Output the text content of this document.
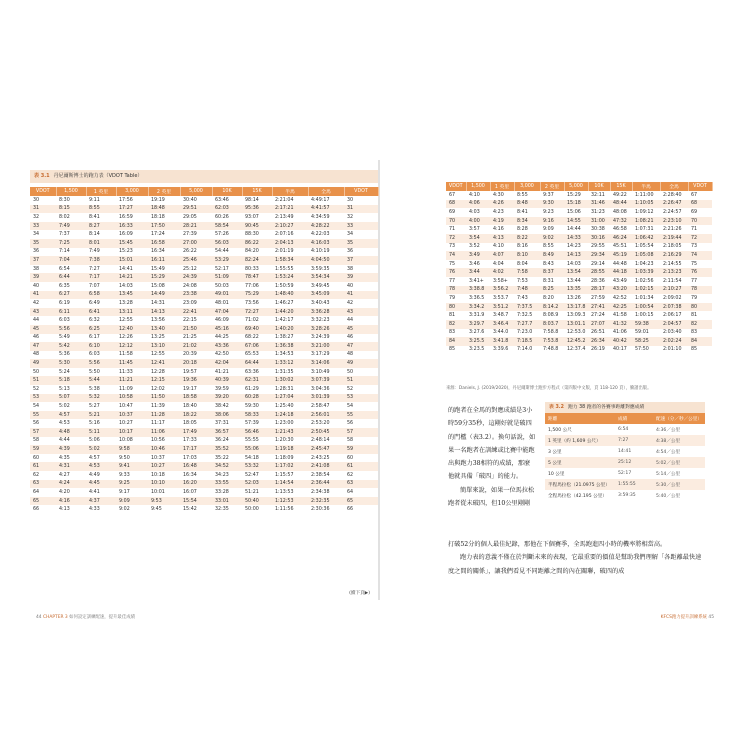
表 3.1 丹尼爾斯博士的跑力表（VDOT Table）
VDOT	1,500	1 英里	3,000	2 英里	5,000	10K	15K	半馬	全馬	VDOT
30	8:30	9:11	17:56	19:19	30:40	63:46	98:14	2:21:04	4:49:17	30
31	8:15	8:55	17:27	18:48	29:51	62:03	95:36	2:17:21	4:41:57	31
32	8:02	8:41	16:59	18:18	29:05	60:26	93:07	2:13:49	4:34:59	32
33	7:49	8:27	16:33	17:50	28:21	58:54	90:45	2:10:27	4:28:22	33
34	7:37	8:14	16:09	17:24	27:39	57:26	88:30	2:07:16	4:22:03	34
35	7:25	8:01	15:45	16:58	27:00	56:03	86:22	2:04:13	4:16:03	35
36	7:14	7:49	15:23	16:34	26:22	54:44	84:20	2:01:19	4:10:19	36
37	7:04	7:38	15:01	16:11	25:46	53:29	82:24	1:58:34	4:04:50	37
38	6:54	7:27	14:41	15:49	25:12	52:17	80:33	1:55:55	3:59:35	38
39	6:44	7:17	14:21	15:29	24:39	51:09	78:47	1:53:24	3:54:34	39
40	6:35	7:07	14:03	15:08	24:08	50:03	77:06	1:50:59	3:49:45	40
41	6:27	6:58	13:45	14:49	23:38	49:01	75:29	1:48:40	3:45:09	41
42	6:19	6:49	13:28	14:31	23:09	48:01	73:56	1:46:27	3:40:43	42
43	6:11	6:41	13:11	14:13	22:41	47:04	72:27	1:44:20	3:36:28	43
44	6:03	6:32	12:55	13:56	22:15	46:09	71:02	1:42:17	3:32:23	44
45	5:56	6:25	12:40	13:40	21:50	45:16	69:40	1:40:20	3:28:26	45
46	5:49	6:17	12:26	13:25	21:25	44:25	68:22	1:38:27	3:24:39	46
47	5:42	6:10	12:12	13:10	21:02	43:36	67:06	1:36:38	3:21:00	47
48	5:36	6:03	11:58	12:55	20:39	42:50	65:53	1:34:53	3:17:29	48
49	5:30	5:56	11:45	12:41	20:18	42:04	64:44	1:33:12	3:14:06	49
50	5:24	5:50	11:33	12:28	19:57	41:21	63:36	1:31:35	3:10:49	50
51	5:18	5:44	11:21	12:15	19:36	40:39	62:31	1:30:02	3:07:39	51
52	5:13	5:38	11:09	12:02	19:17	39:59	61:29	1:28:31	3:04:36	52
53	5:07	5:32	10:58	11:50	18:58	39:20	60:28	1:27:04	3:01:39	53
54	5:02	5:27	10:47	11:39	18:40	38:42	59:30	1:25:40	2:58:47	54
55	4:57	5:21	10:37	11:28	18:22	38:06	58:33	1:24:18	2:56:01	55
56	4:53	5:16	10:27	11:17	18:05	37:31	57:39	1:23:00	2:53:20	56
57	4:48	5:11	10:17	11:06	17:49	36:57	56:46	1:21:43	2:50:45	57
58	4:44	5:06	10:08	10:56	17:33	36:24	55:55	1:20:30	2:48:14	58
59	4:39	5:02	9:58	10:46	17:17	35:52	55:06	1:19:18	2:45:47	59
60	4:35	4:57	9:50	10:37	17:03	35:22	54:18	1:18:09	2:43:25	60
61	4:31	4:53	9:41	10:27	16:48	34:52	53:32	1:17:02	2:41:08	61
62	4:27	4:49	9:33	10:18	16:34	34:23	52:47	1:15:57	2:38:54	62
63	4:24	4:45	9:25	10:10	16:20	33:55	52:03	1:14:54	2:36:44	63
64	4:20	4:41	9:17	10:01	16:07	33:28	51:21	1:13:53	2:34:38	64
65	4:16	4:37	9:09	9:53	15:54	33:01	50:40	1:12:53	2:32:35	65
66	4:13	4:33	9:02	9:45	15:42	32:35	50:00	1:11:56	2:30:36	66
(續下頁▶)
44 CHAPTER 3 如何設定訓練配速，提升最佳成績
VDOT	1,500	1 英里	3,000	2 英里	5,000	10K	15K	半馬	全馬	VDOT
67	4:10	4:30	8:55	9:37	15:29	32:11	49:22	1:11:00	2:28:40	67
68	4:06	4:26	8:48	9:30	15:18	31:46	48:44	1:10:05	2:26:47	68
69	4:03	4:23	8:41	9:23	15:06	31:23	48:08	1:09:12	2:24:57	69
70	4:00	4:19	8:34	9:16	14:55	31:00	47:32	1:08:21	2:23:10	70
71	3:57	4:16	8:28	9:09	14:44	30:38	46:58	1:07:31	2:21:26	71
72	3:54	4:13	8:22	9:02	14:33	30:16	46:24	1:06:42	2:19:44	72
73	3:52	4:10	8:16	8:55	14:23	29:55	45:51	1:05:54	2:18:05	73
74	3:49	4:07	8:10	8:49	14:13	29:34	45:19	1:05:08	2:16:29	74
75	3:46	4:04	8:04	8:43	14:03	29:14	44:48	1:04:23	2:14:55	75
76	3:44	4:02	7:58	8:37	13:54	28:55	44:18	1:03:39	2:13:23	76
77	3:41+	3:58+	7:53	8:31	13:44	28:36	43:49	1:02:56	2:11:54	77
78	3:38.8	3:56.2	7:48	8:25	13:35	28:17	43:20	1:02:15	2:10:27	78
79	3:36.5	3:53.7	7:43	8:20	13:26	27:59	42:52	1:01:34	2:09:02	79
80	3:34.2	3:51.2	7:37.5	8:14.2	13:17.8	27:41	42:25	1:00:54	2:07:38	80
81	3:31.9	3:48.7	7:32.5	8:08.9	13:09.3	27:24	41:58	1:00:15	2:06:17	81
82	3:29.7	3:46.4	7:27.7	8:03.7	13:01.1	27:07	41:32	59:38	2:04:57	82
83	3:27.6	3:44.0	7:23.0	7:58.8	12:53.0	26:51	41:06	59:01	2:03:40	83
84	3:25.5	3:41.8	7:18.5	7:53.8	12:45.2	26:34	40:42	58:25	2:02:24	84
85	3:23.5	3:39.6	7:14.0	7:48.8	12:37.4	26:19	40:17	57:50	2:01:10	85
來源：Daniels, J. (2019/2020)，丹尼爾斯博士跑步方程式（第四版中文版，頁 118-120 頁），臉譜出版。

的跑者在全馬的對應成績是3小時59分35秒，這剛好就是破四的門檻（表3.2）。換句話說，如果一名跑者在訓練或比賽中能跑出與跑力38相符的成績，那麼他就具備「破四」的能力。

簡單來說，如果一位馬拉松跑者從未破四，但10公里剛剛

表 3.2 跑力 38 跑者的各賽事距離對應成績
距離	成績	配速（分／秒／公里）
1,500 公尺	6:54	4:36／公里
1 英里（約 1,609 公尺）	7:27	4:38／公里
3 公里	14:41	4:54／公里
5 公里	25:12	5:02／公里
10 公里	52:17	5:14／公里
半程馬拉松（21.0975 公里）	1:55:55	5:30／公里
全程馬拉松（42.195 公里）	3:59:35	5:40／公里

打破52分的個人最佳紀錄，那他在下個賽季，全馬跑進四小時的機率將相當高。

跑力表的意義不僅在於判斷未來的表現，它最重要的價值是幫助我們理解「各距離最快速度之間的關係」，讓我們看見不同距離之間的內在關聯，破四的成

KFCS跑力提升訓練系統 45
